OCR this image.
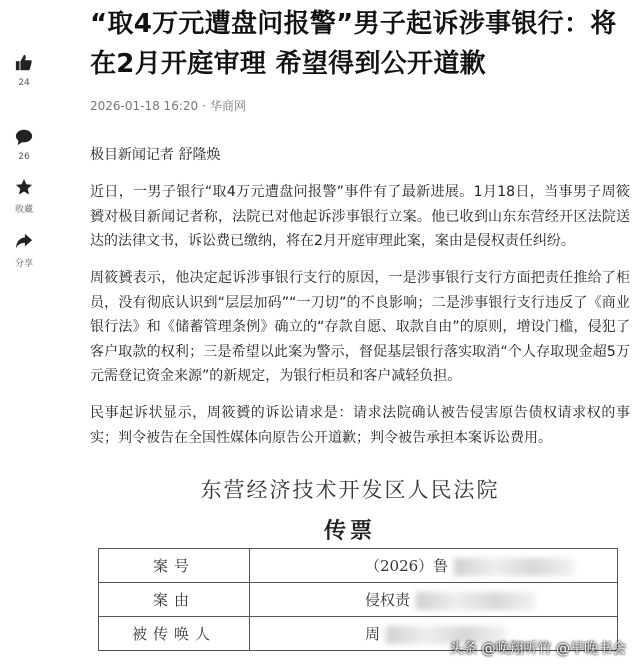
24
26
收藏
分享
“取4万元遭盘问报警”男子起诉涉事银行：将在2月开庭审理 希望得到公开道歉
2026-01-18 16:20 · 华商网
极目新闻记者 舒隆焕

近日，一男子银行“取4万元遭盘问报警”事件有了最新进展。1月18日，当事男子周筱贇对极目新闻记者称，法院已对他起诉涉事银行立案。他已收到山东东营经开区法院送达的法律文书，诉讼费已缴纳，将在2月开庭审理此案，案由是侵权责任纠纷。

周筱贇表示，他决定起诉涉事银行支行的原因，一是涉事银行支行方面把责任推给了柜员，没有彻底认识到“层层加码”“一刀切”的不良影响；二是涉事银行支行违反了《商业银行法》和《储蓄管理条例》确立的“存款自愿、取款自由”的原则，增设门槛，侵犯了客户取款的权利；三是希望以此案为警示，督促基层银行落实取消“个人存取现金超5万元需登记资金来源”的新规定，为银行柜员和客户减轻负担。

民事起诉状显示，周筱贇的诉讼请求是：请求法院确认被告侵害原告债权请求权的事实；判令被告在全国性媒体向原告公开道歉；判令被告承担本案诉讼费用。

东营经济技术开发区人民法院
传票
案号	（2026）鲁
案由	侵权责
被传唤人	周
头条 @唤翔听竹 @早晚书会
